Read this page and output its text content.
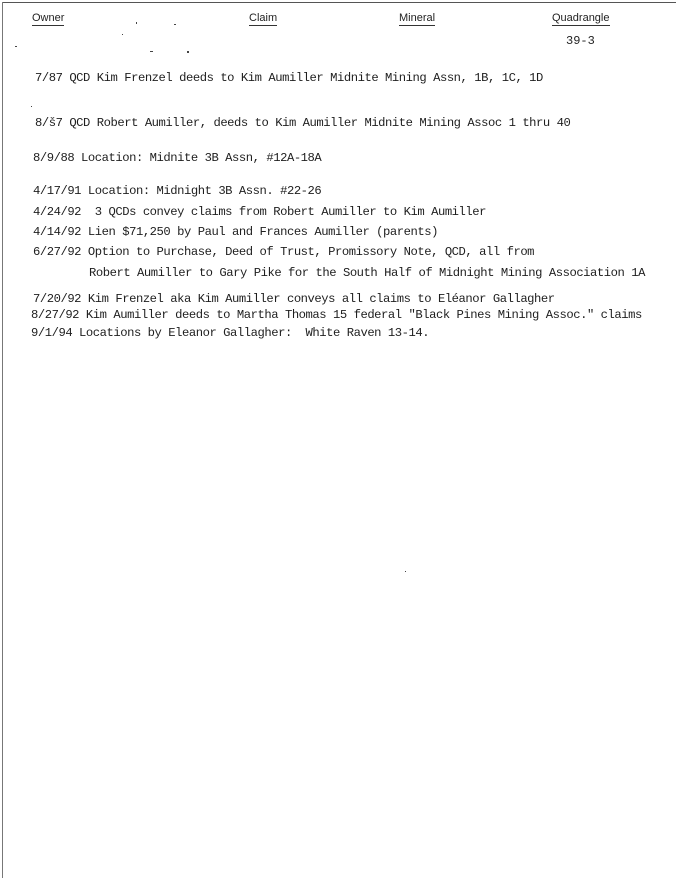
Owner	Claim	Mineral	Quadrangle
39-3
7/87 QCD Kim Frenzel deeds to Kim Aumiller Midnite Mining Assn, 1B, 1C, 1D
8/š7 QCD Robert Aumiller, deeds to Kim Aumiller Midnite Mining Assoc 1 thru 40
8/9/88 Location: Midnite 3B Assn, #12A-18A
4/17/91 Location: Midnight 3B Assn. #22-26
4/24/92  3 QCDs convey claims from Robert Aumiller to Kim Aumiller
4/14/92 Lien $71,250 by Paul and Frances Aumiller (parents)
6/27/92 Option to Purchase, Deed of Trust, Promissory Note, QCD, all from
Robert Aumiller to Gary Pike for the South Half of Midnight Mining Association 1A
7/20/92 Kim Frenzel aka Kim Aumiller conveys all claims to Eléanor Gallagher
8/27/92 Kim Aumiller deeds to Martha Thomas 15 federal "Black Pines Mining Assoc." claims
9/1/94 Locations by Eleanor Gallagher:  White Raven 13-14.
